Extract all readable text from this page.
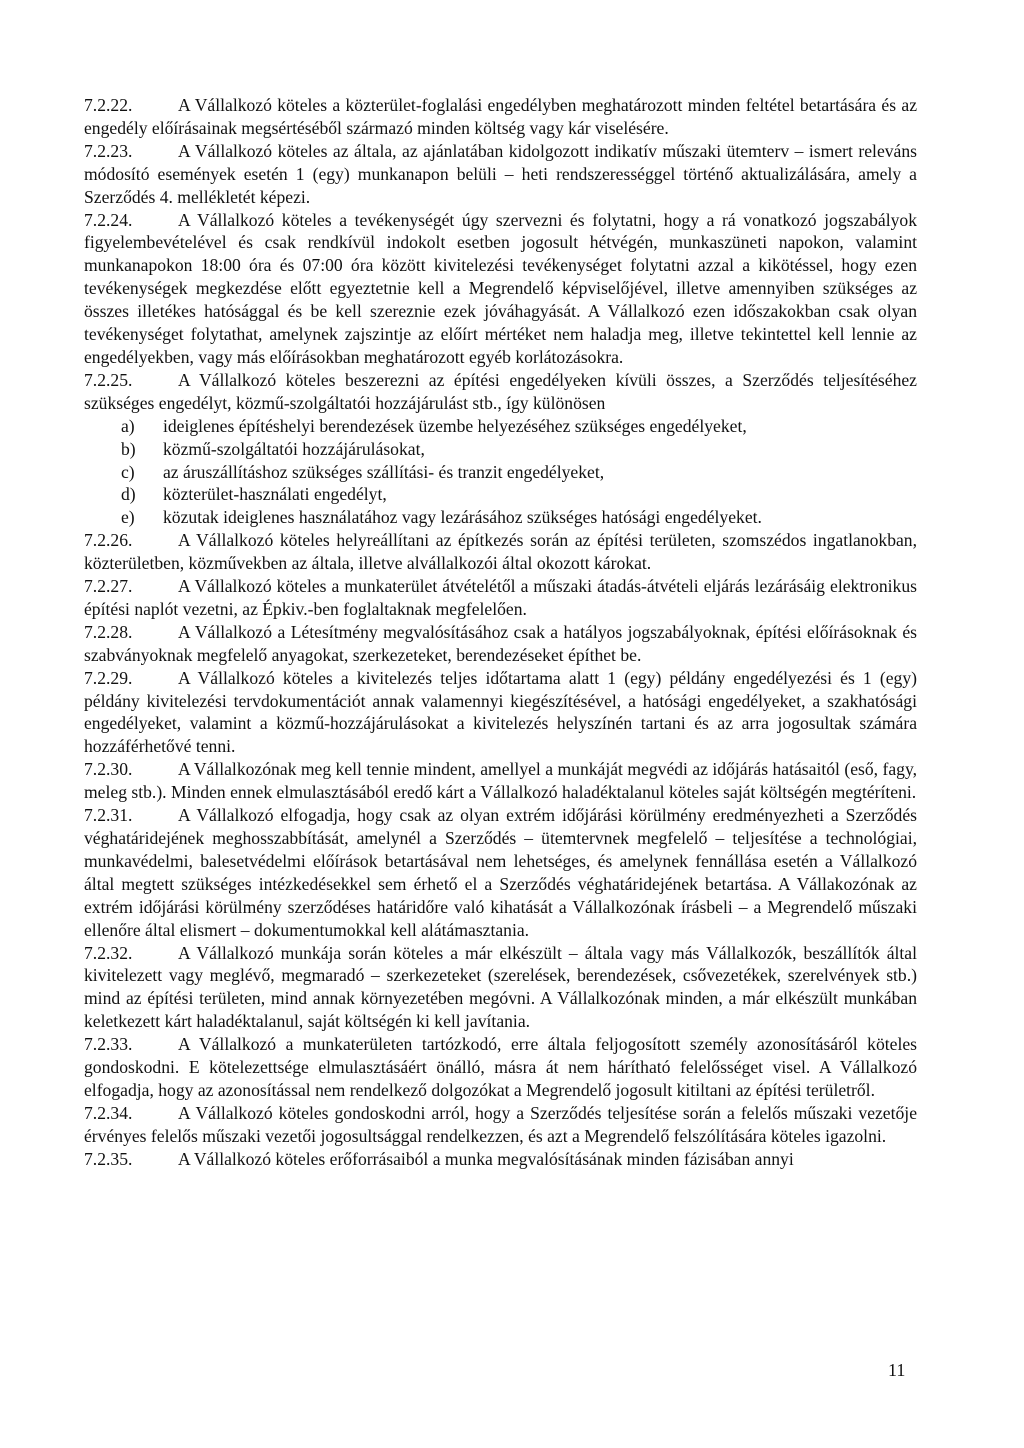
7.2.22.	A Vállalkozó köteles a közterület-foglalási engedélyben meghatározott minden feltétel betartására és az engedély előírásainak megsértéséből származó minden költség vagy kár viselésére.

7.2.23.	A Vállalkozó köteles az általa, az ajánlatában kidolgozott indikatív műszaki ütemterv – ismert releváns módosító események esetén 1 (egy) munkanapon belüli – heti rendszerességgel történő aktualizálására, amely a Szerződés 4. mellékletét képezi.

7.2.24.	A Vállalkozó köteles a tevékenységét úgy szervezni és folytatni, hogy a rá vonatkozó jogszabályok figyelembevételével és csak rendkívül indokolt esetben jogosult hétvégén, munkaszüneti napokon, valamint munkanapokon 18:00 óra és 07:00 óra között kivitelezési tevékenységet folytatni azzal a kikötéssel, hogy ezen tevékenységek megkezdése előtt egyeztetnie kell a Megrendelő képviselőjével, illetve amennyiben szükséges az összes illetékes hatósággal és be kell szereznie ezek jóváhagyását. A Vállalkozó ezen időszakokban csak olyan tevékenységet folytathat, amelynek zajszintje az előírt mértéket nem haladja meg, illetve tekintettel kell lennie az engedélyekben, vagy más előírásokban meghatározott egyéb korlátozásokra.

7.2.25.	A Vállalkozó köteles beszerezni az építési engedélyeken kívüli összes, a Szerződés teljesítéséhez szükséges engedélyt, közmű-szolgáltatói hozzájárulást stb., így különösen

a) ideiglenes építéshelyi berendezések üzembe helyezéséhez szükséges engedélyeket,
b) közmű-szolgáltatói hozzájárulásokat,
c) az áruszállításhoz szükséges szállítási- és tranzit engedélyeket,
d) közterület-használati engedélyt,
e) közutak ideiglenes használatához vagy lezárásához szükséges hatósági engedélyeket.

7.2.26.	A Vállalkozó köteles helyreállítani az építkezés során az építési területen, szomszédos ingatlanokban, közterületben, közművekben az általa, illetve alvállalkozói által okozott károkat.

7.2.27.	A Vállalkozó köteles a munkaterület átvételétől a műszaki átadás-átvételi eljárás lezárásáig elektronikus építési naplót vezetni, az Épkiv.-ben foglaltaknak megfelelően.

7.2.28.	A Vállalkozó a Létesítmény megvalósításához csak a hatályos jogszabályoknak, építési előírásoknak és szabványoknak megfelelő anyagokat, szerkezeteket, berendezéseket építhet be.

7.2.29.	A Vállalkozó köteles a kivitelezés teljes időtartama alatt 1 (egy) példány engedélyezési és 1 (egy) példány kivitelezési tervdokumentációt annak valamennyi kiegészítésével, a hatósági engedélyeket, a szakhatósági engedélyeket, valamint a közmű-hozzájárulásokat a kivitelezés helyszínén tartani és az arra jogosultak számára hozzáférhetővé tenni.

7.2.30.	A Vállalkozónak meg kell tennie mindent, amellyel a munkáját megvédi az időjárás hatásaitól (eső, fagy, meleg stb.). Minden ennek elmulasztásából eredő kárt a Vállalkozó haladéktalanul köteles saját költségén megtéríteni.

7.2.31.	A Vállalkozó elfogadja, hogy csak az olyan extrém időjárási körülmény eredményezheti a Szerződés véghatáridejének meghosszabbítását, amelynél a Szerződés – ütemtervnek megfelelő – teljesítése a technológiai, munkavédelmi, balesetvédelmi előírások betartásával nem lehetséges, és amelynek fennállása esetén a Vállalkozó által megtett szükséges intézkedésekkel sem érhető el a Szerződés véghatáridejének betartása. A Vállakozónak az extrém időjárási körülmény szerződéses határidőre való kihatását a Vállalkozónak írásbeli – a Megrendelő műszaki ellenőre által elismert – dokumentumokkal kell alátámasztania.

7.2.32.	A Vállalkozó munkája során köteles a már elkészült – általa vagy más Vállalkozók, beszállítók által kivitelezett vagy meglévő, megmaradó – szerkezeteket (szerelések, berendezések, csővezetékek, szerelvények stb.) mind az építési területen, mind annak környezetében megóvni. A Vállalkozónak minden, a már elkészült munkában keletkezett kárt haladéktalanul, saját költségén ki kell javítania.

7.2.33.	A Vállalkozó a munkaterületen tartózkodó, erre általa feljogosított személy azonosításáról köteles gondoskodni. E kötelezettsége elmulasztásáért önálló, másra át nem hárítható felelősséget visel. A Vállalkozó elfogadja, hogy az azonosítással nem rendelkező dolgozókat a Megrendelő jogosult kitiltani az építési területről.

7.2.34.	A Vállalkozó köteles gondoskodni arról, hogy a Szerződés teljesítése során a felelős műszaki vezetője érvényes felelős műszaki vezetői jogosultsággal rendelkezzen, és azt a Megrendelő felszólítására köteles igazolni.

7.2.35.	A Vállalkozó köteles erőforrásaiból a munka megvalósításának minden fázisában annyi

11
